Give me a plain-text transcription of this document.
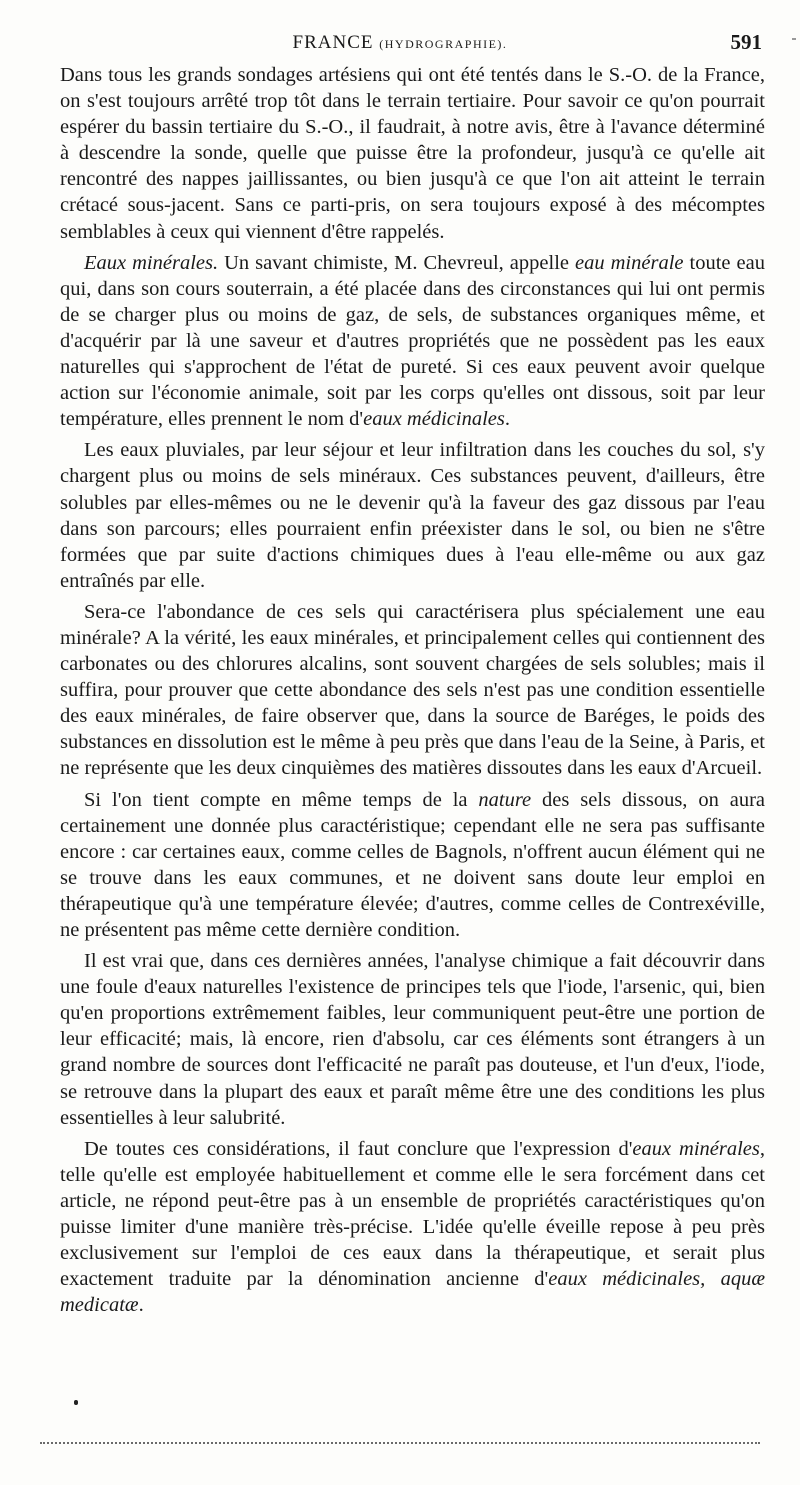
FRANCE (HYDROGRAPHIE).	591

Dans tous les grands sondages artésiens qui ont été tentés dans le S.-O. de la France, on s'est toujours arrêté trop tôt dans le terrain tertiaire. Pour savoir ce qu'on pourrait espérer du bassin tertiaire du S.-O., il faudrait, à notre avis, être à l'avance déterminé à descendre la sonde, quelle que puisse être la profondeur, jusqu'à ce qu'elle ait rencontré des nappes jaillissantes, ou bien jusqu'à ce que l'on ait atteint le terrain crétacé sous-jacent. Sans ce parti-pris, on sera toujours exposé à des mécomptes semblables à ceux qui viennent d'être rappelés.

Eaux minérales. Un savant chimiste, M. Chevreul, appelle eau minérale toute eau qui, dans son cours souterrain, a été placée dans des circonstances qui lui ont permis de se charger plus ou moins de gaz, de sels, de substances organiques même, et d'acquérir par là une saveur et d'autres propriétés que ne possèdent pas les eaux naturelles qui s'approchent de l'état de pureté. Si ces eaux peuvent avoir quelque action sur l'économie animale, soit par les corps qu'elles ont dissous, soit par leur température, elles prennent le nom d'eaux médicinales.

Les eaux pluviales, par leur séjour et leur infiltration dans les couches du sol, s'y chargent plus ou moins de sels minéraux. Ces substances peuvent, d'ailleurs, être solubles par elles-mêmes ou ne le devenir qu'à la faveur des gaz dissous par l'eau dans son parcours; elles pourraient enfin préexister dans le sol, ou bien ne s'être formées que par suite d'actions chimiques dues à l'eau elle-même ou aux gaz entraînés par elle.

Sera-ce l'abondance de ces sels qui caractérisera plus spécialement une eau minérale? A la vérité, les eaux minérales, et principalement celles qui contiennent des carbonates ou des chlorures alcalins, sont souvent chargées de sels solubles; mais il suffira, pour prouver que cette abondance des sels n'est pas une condition essentielle des eaux minérales, de faire observer que, dans la source de Baréges, le poids des substances en dissolution est le même à peu près que dans l'eau de la Seine, à Paris, et ne représente que les deux cinquièmes des matières dissoutes dans les eaux d'Arcueil.

Si l'on tient compte en même temps de la nature des sels dissous, on aura certainement une donnée plus caractéristique; cependant elle ne sera pas suffisante encore : car certaines eaux, comme celles de Bagnols, n'offrent aucun élément qui ne se trouve dans les eaux communes, et ne doivent sans doute leur emploi en thérapeutique qu'à une température élevée; d'autres, comme celles de Contrexéville, ne présentent pas même cette dernière condition.

Il est vrai que, dans ces dernières années, l'analyse chimique a fait découvrir dans une foule d'eaux naturelles l'existence de principes tels que l'iode, l'arsenic, qui, bien qu'en proportions extrêmement faibles, leur communiquent peut-être une portion de leur efficacité; mais, là encore, rien d'absolu, car ces éléments sont étrangers à un grand nombre de sources dont l'efficacité ne paraît pas douteuse, et l'un d'eux, l'iode, se retrouve dans la plupart des eaux et paraît même être une des conditions les plus essentielles à leur salubrité.

De toutes ces considérations, il faut conclure que l'expression d'eaux minérales, telle qu'elle est employée habituellement et comme elle le sera forcément dans cet article, ne répond peut-être pas à un ensemble de propriétés caractéristiques qu'on puisse limiter d'une manière très-précise. L'idée qu'elle éveille repose à peu près exclusivement sur l'emploi de ces eaux dans la thérapeutique, et serait plus exactement traduite par la dénomination ancienne d'eaux médicinales, aquæ medicatæ.
